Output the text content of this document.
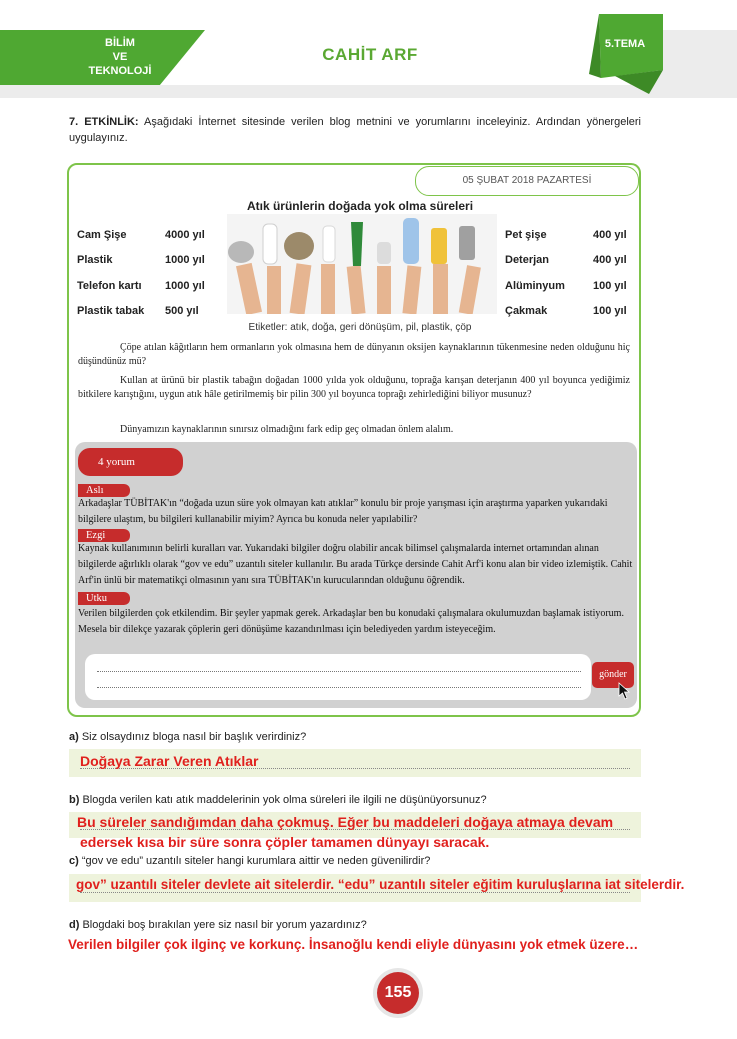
BİLİM
VE
TEKNOLOJİ
CAHİT ARF
5.TEMA
7. ETKİNLİK: Aşağıdaki İnternet sitesinde verilen blog metnini ve yorumlarını inceleyiniz. Ardından yönergeleri uygulayınız.
05 ŞUBAT 2018 PAZARTESİ
Atık ürünlerin doğada yok olma süreleri
Cam Şişe	4000 yıl
Plastik	1000 yıl
Telefon kartı 1000 yıl
Plastik tabak 500 yıl
Pet şişe	400 yıl
Deterjan	400 yıl
Alüminyum	100 yıl
Çakmak	100 yıl
Etiketler: atık, doğa, geri dönüşüm, pil, plastik, çöp
Çöpe atılan kâğıtların hem ormanların yok olmasına hem de dünyanın oksijen kaynaklarının tükenmesine neden olduğunu hiç düşündünüz mü?
Kullan at ürünü bir plastik tabağın doğadan 1000 yılda yok olduğunu, toprağa karışan deterjanın 400 yıl boyunca yediğimiz bitkilere karıştığını, uygun atık hâle getirilmemiş bir pilin 300 yıl boyunca toprağı zehirlediğini biliyor musunuz?
Dünyamızın kaynaklarının sınırsız olmadığını fark edip geç olmadan önlem alalım.
4 yorum
Aslı
Arkadaşlar TÜBİTAK'ın “doğada uzun süre yok olmayan katı atıklar” konulu bir proje yarışması için araştırma yaparken yukarıdaki bilgilere ulaştım, bu bilgileri kullanabilir miyim? Ayrıca bu konuda neler yapılabilir?
Ezgi
Kaynak kullanımının belirli kuralları var. Yukarıdaki bilgiler doğru olabilir ancak bilimsel çalışmalarda internet ortamından alınan bilgilerde ağırlıklı olarak “gov ve edu” uzantılı siteler kullanılır. Bu arada Türkçe dersinde Cahit Arf'i konu alan bir video izlemiştik. Cahit Arf'in ünlü bir matematikçi olmasının yanı sıra TÜBİTAK'ın kurucularından olduğunu öğrendik.
Utku
Verilen bilgilerden çok etkilendim. Bir şeyler yapmak gerek. Arkadaşlar ben bu konudaki çalışmalara okulumuzdan başlamak istiyorum. Mesela bir dilekçe yazarak çöplerin geri dönüşüme kazandırılması için belediyeden yardım isteyeceğim.
gönder
a) Siz olsaydınız bloga nasıl bir başlık verirdiniz?
Doğaya Zarar Veren Atıklar
b) Blogda verilen katı atık maddelerinin yok olma süreleri ile ilgili ne düşünüyorsunuz?
Bu süreler sandığımdan daha çokmuş. Eğer bu maddeleri doğaya atmaya devam
edersek kısa bir süre sonra çöpler tamamen dünyayı saracak.
c) “gov ve edu” uzantılı siteler hangi kurumlara aittir ve neden güvenilirdir?
gov” uzantılı siteler devlete ait sitelerdir. “edu” uzantılı siteler eğitim kuruluşlarına iat sitelerdir.
d) Blogdaki boş bırakılan yere siz nasıl bir yorum yazardınız?
Verilen bilgiler çok ilginç ve korkunç. İnsanoğlu kendi eliyle dünyasını yok etmek üzere…
155
